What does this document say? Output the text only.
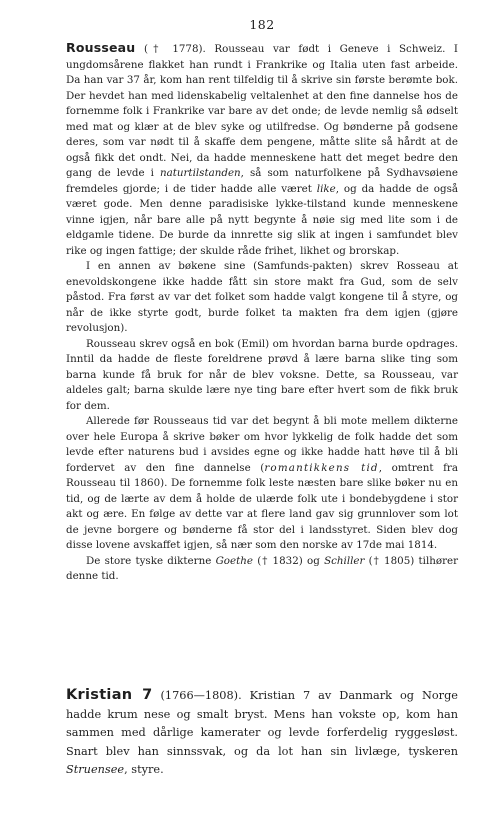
182

Rousseau († 1778). Rousseau var født i Geneve i Schweiz. I ungdomsårene flakket han rundt i Frankrike og Italia uten fast arbeide. Da han var 37 år, kom han rent tilfeldig til å skrive sin første berømte bok. Der hevdet han med lidenskabelig veltalenhet at den fine dannelse hos de fornemme folk i Frankrike var bare av det onde; de levde nemlig så ødselt med mat og klær at de blev syke og utilfredse. Og bønderne på godsene deres, som var nødt til å skaffe dem pengene, måtte slite så hårdt at de også fikk det ondt. Nei, da hadde menneskene hatt det meget bedre den gang de levde i naturtilstanden, så som naturfolkene på Sydhavsøiene fremdeles gjorde; i de tider hadde alle været like, og da hadde de også været gode. Men denne paradisiske lykke-tilstand kunde menneskene vinne igjen, når bare alle på nytt begynte å nøie sig med lite som i de eldgamle tidene. De burde da innrette sig slik at ingen i samfundet blev rike og ingen fattige; der skulde råde frihet, likhet og brorskap.

I en annen av bøkene sine (Samfunds-pakten) skrev Rosseau at enevoldskongene ikke hadde fått sin store makt fra Gud, som de selv påstod. Fra først av var det folket som hadde valgt kongene til å styre, og når de ikke styrte godt, burde folket ta makten fra dem igjen (gjøre revolusjon).

Rousseau skrev også en bok (Emil) om hvordan barna burde opdrages. Inntil da hadde de fleste foreldrene prøvd å lære barna slike ting som barna kunde få bruk for når de blev voksne. Dette, sa Rousseau, var aldeles galt; barna skulde lære nye ting bare efter hvert som de fikk bruk for dem.

Allerede før Rousseaus tid var det begynt å bli mote mellem dikterne over hele Europa å skrive bøker om hvor lykkelig de folk hadde det som levde efter naturens bud i avsides egne og ikke hadde hatt høve til å bli fordervet av den fine dannelse (romantikkens tid, omtrent fra Rousseau til 1860). De fornemme folk leste næsten bare slike bøker nu en tid, og de lærte av dem å holde de ulærde folk ute i bondebygdene i stor akt og ære. En følge av dette var at flere land gav sig grunnlover som lot de jevne borgere og bønderne få stor del i landsstyret. Siden blev dog disse lovene avskaffet igjen, så nær som den norske av 17de mai 1814.

De store tyske dikterne Goethe († 1832) og Schiller († 1805) tilhører denne tid.

Kristian 7 (1766—1808). Kristian 7 av Danmark og Norge hadde krum nese og smalt bryst. Mens han vokste op, kom han sammen med dårlige kamerater og levde forferdelig ryggesløst. Snart blev han sinnssvak, og da lot han sin livlæge, tyskeren Struensee, styre.
